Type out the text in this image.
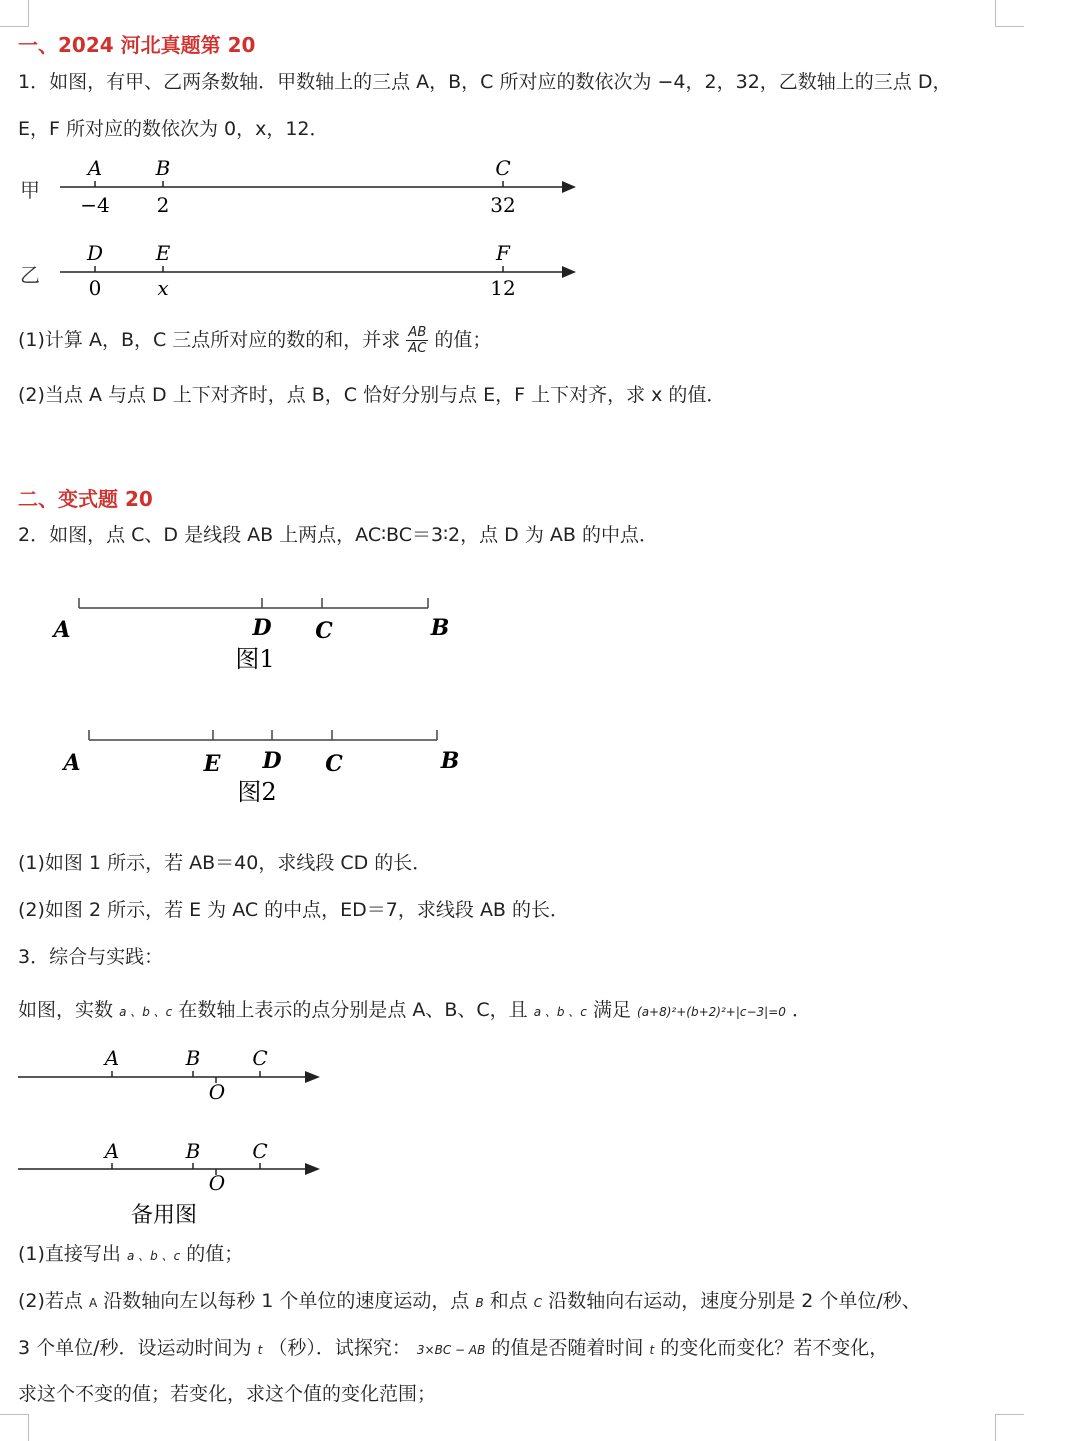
一、2024 河北真题第 20
1．如图，有甲、乙两条数轴．甲数轴上的三点 A，B，C 所对应的数依次为 −4，2，32，乙数轴上的三点 D，
E，F 所对应的数依次为 0，x，12．
甲
A	B	C
−4 2	32
乙
D	E	F
0	x	12
(1)计算 A，B，C 三点所对应的数的和，并求 $\frac{AB}{AC}$ 的值；
(2)当点 A 与点 D 上下对齐时，点 B，C 恰好分别与点 E，F 上下对齐，求 x 的值．
二、变式题 20
2．如图，点 C、D 是线段 AB 上两点，AC∶BC＝3∶2，点 D 为 AB 的中点．
A	D C	B
图1
A	E D C	B
图2
(1)如图 1 所示，若 AB＝40，求线段 CD 的长．
(2)如图 2 所示，若 E 为 AC 的中点，ED＝7，求线段 AB 的长．
3．综合与实践：
如图，实数 a 、b 、c 在数轴上表示的点分别是点 A、B、C，且 a 、b 、c 满足 (a+8)²+(b+2)²+|c−3|=0 ．
A	B	C
O
A	B	C
O
备用图
(1)直接写出 a 、b 、c 的值；
(2)若点 A 沿数轴向左以每秒 1 个单位的速度运动，点 B 和点 C 沿数轴向右运动，速度分别是 2 个单位/秒、
3 个单位/秒．设运动时间为 t （秒）．试探究： 3×BC − AB 的值是否随着时间 t 的变化而变化？若不变化，
求这个不变的值；若变化，求这个值的变化范围；
